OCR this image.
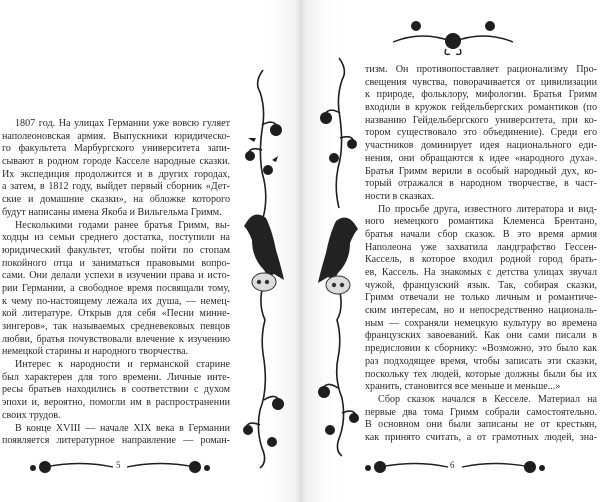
1807 год. На улицах Германии уже вовсю гуляет
наполеоновская армия. Выпускники юридическо-
го факультета Марбургского университета запи-
сывают в родном городе Касселе народные сказки.
Их экспедиция продолжится и в других городах,
а затем, в 1812 году, выйдет первый сборник «Дет-
ские и домашние сказки», на обложке которого
будут написаны имена Якоба и Вильгельма Гримм.
Несколькими годами ранее братья Гримм, вы-
ходцы из семьи среднего достатка, поступили на
юридический факультет, чтобы пойти по стопам
покойного отца и заниматься правовыми вопро-
сами. Они делали успехи в изучении права и исто-
рии Германии, а свободное время посвящали тому,
к чему по-настоящему лежала их душа, — немец-
кой литературе. Открыв для себя «Песни минне-
зингеров», так называемых средневековых певцов
любви, братья почувствовали влечение к изучению
немецкой старины и народного творчества.
Интерес к народности и германской старине
был характерен для того времени. Личные инте-
ресы братьев находились в соответствии с духом
эпохи и, вероятно, помогли им в распространении
своих трудов.
В конце XVIII — начале XIX века в Германии
появляется литературное направление — роман-
5
тизм. Он противопоставляет рационализму Про-
свещения чувства, поворачивается от цивилизации
к природе, фольклору, мифологии. Братья Гримм
входили в кружок гейдельбергских романтиков (по
названию Гейдельбергского университета, при ко-
тором существовало это объединение). Среди его
участников доминирует идея национального еди-
нения, они обращаются к идее «народного духа».
Братья Гримм верили в особый народный дух, ко-
торый отражался в народном творчестве, в част-
ности в сказках.
По просьбе друга, известного литератора и вид-
ного немецкого романтика Клеменса Брентано,
братья начали сбор сказок. В это время армия
Наполеона уже захватила ландграфство Гессен-
Кассель, в которое входил родной город брать-
ев, Кассель. На знакомых с детства улицах звучал
чужой, французский язык. Так, собирая сказки,
Гримм отвечали не только личным и романтиче-
ским интересам, но и непосредственно националь-
ным — сохраняли немецкую культуру во времена
французских завоеваний. Как они сами писали в
предисловии к сборнику: «Возможно, это было как
раз подходящее время, чтобы записать эти сказки,
поскольку тех людей, которые должны были бы их
хранить, становится все меньше и меньше...»
Сбор сказок начался в Кесселе. Материал на
первые два тома Гримм собрали самостоятельно.
В основном они были записаны не от крестьян,
как принято считать, а от грамотных людей, зна-
6
